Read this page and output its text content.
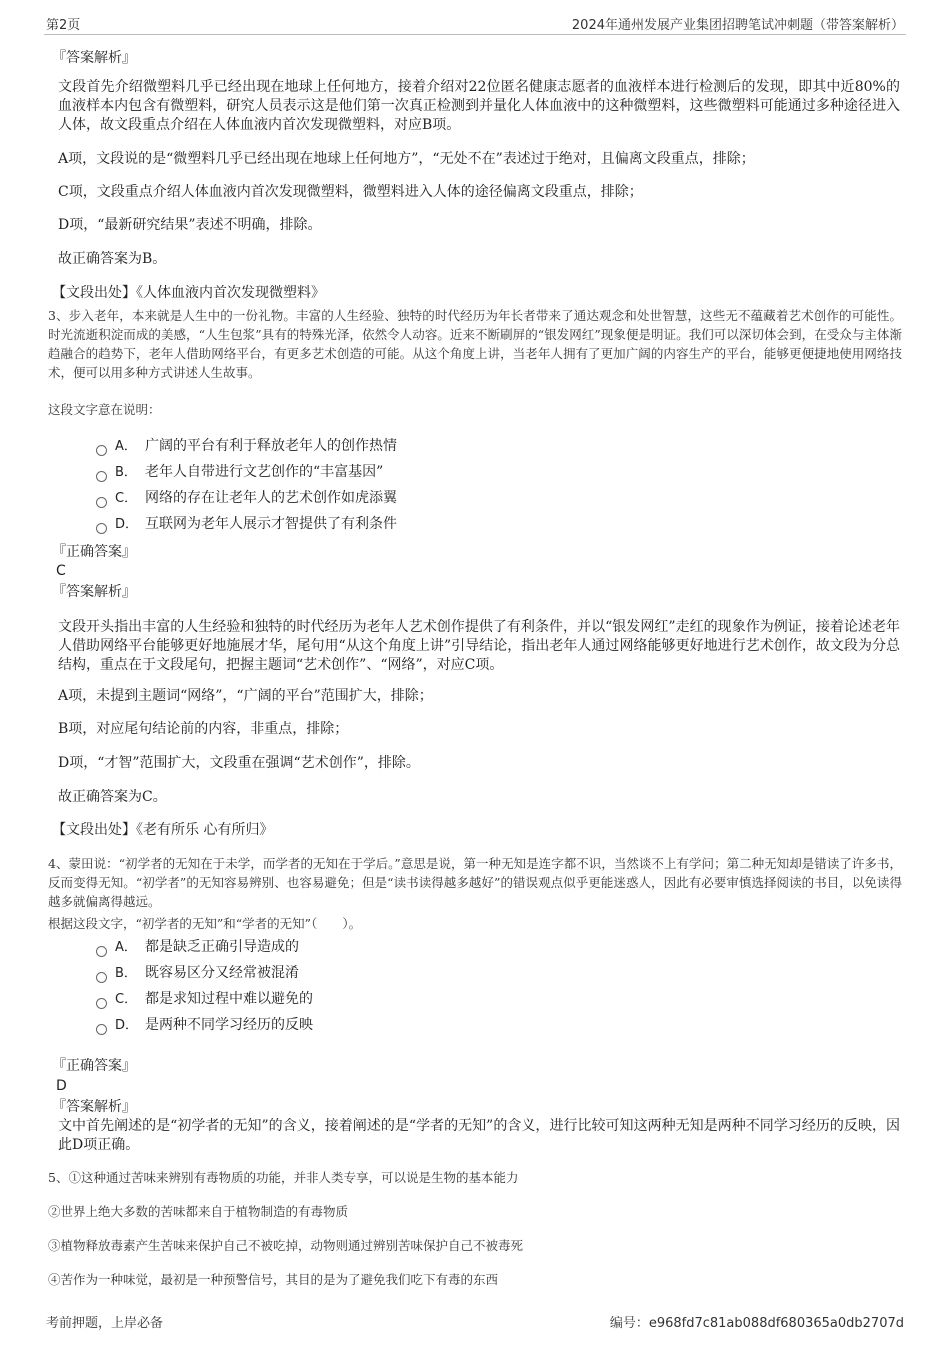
第2页	2024年通州发展产业集团招聘笔试冲刺题（带答案解析）
『答案解析』
文段首先介绍微塑料几乎已经出现在地球上任何地方，接着介绍对22位匿名健康志愿者的血液样本进行检测后的发现，即其中近80%的血液样本内包含有微塑料，研究人员表示这是他们第一次真正检测到并量化人体血液中的这种微塑料，这些微塑料可能通过多种途径进入人体，故文段重点介绍在人体血液内首次发现微塑料，对应B项。
A项，文段说的是“微塑料几乎已经出现在地球上任何地方”，“无处不在”表述过于绝对，且偏离文段重点，排除；
C项，文段重点介绍人体血液内首次发现微塑料，微塑料进入人体的途径偏离文段重点，排除；
D项，“最新研究结果”表述不明确，排除。
故正确答案为B。
【文段出处】《人体血液内首次发现微塑料》
3、步入老年，本来就是人生中的一份礼物。丰富的人生经验、独特的时代经历为年长者带来了通达观念和处世智慧，这些无不蕴藏着艺术创作的可能性。时光流逝积淀而成的美感，“人生包浆”具有的特殊光泽，依然令人动容。近来不断刷屏的“银发网红”现象便是明证。我们可以深切体会到，在受众与主体渐趋融合的趋势下，老年人借助网络平台，有更多艺术创造的可能。从这个角度上讲，当老年人拥有了更加广阔的内容生产的平台，能够更便捷地使用网络技术，便可以用多种方式讲述人生故事。
这段文字意在说明：
A． 广阔的平台有利于释放老年人的创作热情
B． 老年人自带进行文艺创作的“丰富基因”
C． 网络的存在让老年人的艺术创作如虎添翼
D． 互联网为老年人展示才智提供了有利条件
『正确答案』
C
『答案解析』
文段开头指出丰富的人生经验和独特的时代经历为老年人艺术创作提供了有利条件，并以“银发网红”走红的现象作为例证，接着论述老年人借助网络平台能够更好地施展才华，尾句用“从这个角度上讲”引导结论，指出老年人通过网络能够更好地进行艺术创作，故文段为分总结构，重点在于文段尾句，把握主题词“艺术创作”、“网络”，对应C项。
A项，未提到主题词“网络”，“广阔的平台”范围扩大，排除；
B项，对应尾句结论前的内容，非重点，排除；
D项，“才智”范围扩大，文段重在强调“艺术创作”，排除。
故正确答案为C。
【文段出处】《老有所乐 心有所归》
4、蒙田说：“初学者的无知在于未学，而学者的无知在于学后。”意思是说，第一种无知是连字都不识，当然谈不上有学问；第二种无知却是错读了许多书，反而变得无知。“初学者”的无知容易辨别、也容易避免；但是“读书读得越多越好”的错误观点似乎更能迷惑人，因此有必要审慎选择阅读的书目，以免读得越多就偏离得越远。
根据这段文字，“初学者的无知”和“学者的无知”（　　）。
A． 都是缺乏正确引导造成的
B． 既容易区分又经常被混淆
C． 都是求知过程中难以避免的
D． 是两种不同学习经历的反映
『正确答案』
D
『答案解析』
文中首先阐述的是“初学者的无知”的含义，接着阐述的是“学者的无知”的含义，进行比较可知这两种无知是两种不同学习经历的反映，因此D项正确。
5、①这种通过苦味来辨别有毒物质的功能，并非人类专享，可以说是生物的基本能力
②世界上绝大多数的苦味都来自于植物制造的有毒物质
③植物释放毒素产生苦味来保护自己不被吃掉，动物则通过辨别苦味保护自己不被毒死
④苦作为一种味觉，最初是一种预警信号，其目的是为了避免我们吃下有毒的东西
考前押题，上岸必备	编号：e968fd7c81ab088df680365a0db2707d
